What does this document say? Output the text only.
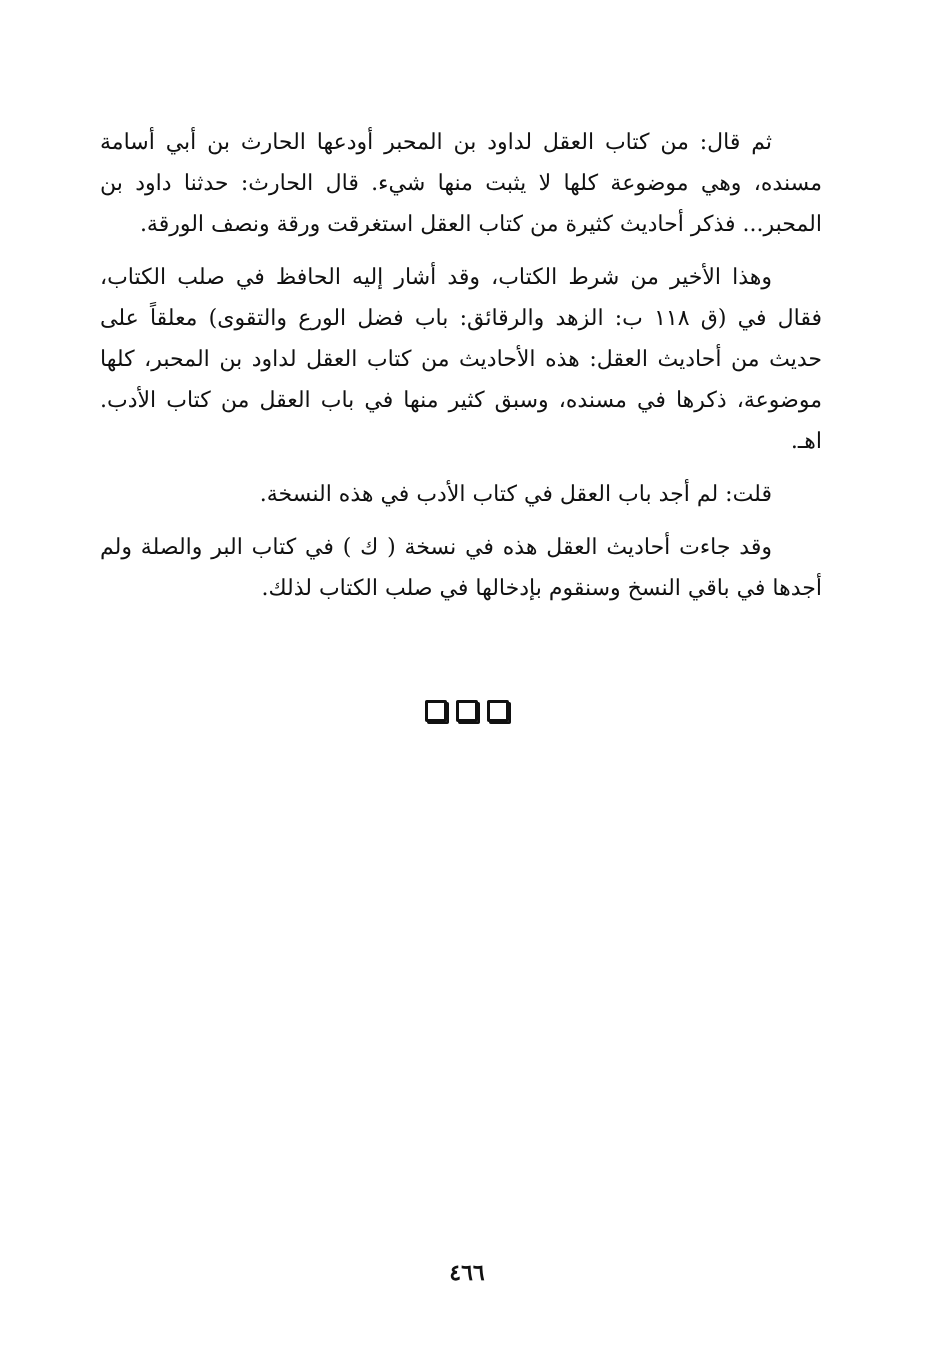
ثم قال: من كتاب العقل لداود بن المحبر أودعها الحارث بن أبي أسامة مسنده، وهي موضوعة كلها لا يثبت منها شيء. قال الحارث: حدثنا داود بن المحبر... فذكر أحاديث كثيرة من كتاب العقل استغرقت ورقة ونصف الورقة.

وهذا الأخير من شرط الكتاب، وقد أشار إليه الحافظ في صلب الكتاب، فقال في (ق ١١٨ ب: الزهد والرقائق: باب فضل الورع والتقوى) معلقاً على حديث من أحاديث العقل: هذه الأحاديث من كتاب العقل لداود بن المحبر، كلها موضوعة، ذكرها في مسنده، وسبق كثير منها في باب العقل من كتاب الأدب. اهـ.

قلت: لم أجد باب العقل في كتاب الأدب في هذه النسخة.

وقد جاءت أحاديث العقل هذه في نسخة ( ك ) في كتاب البر والصلة ولم أجدها في باقي النسخ وسنقوم بإدخالها في صلب الكتاب لذلك.

٤٦٦
